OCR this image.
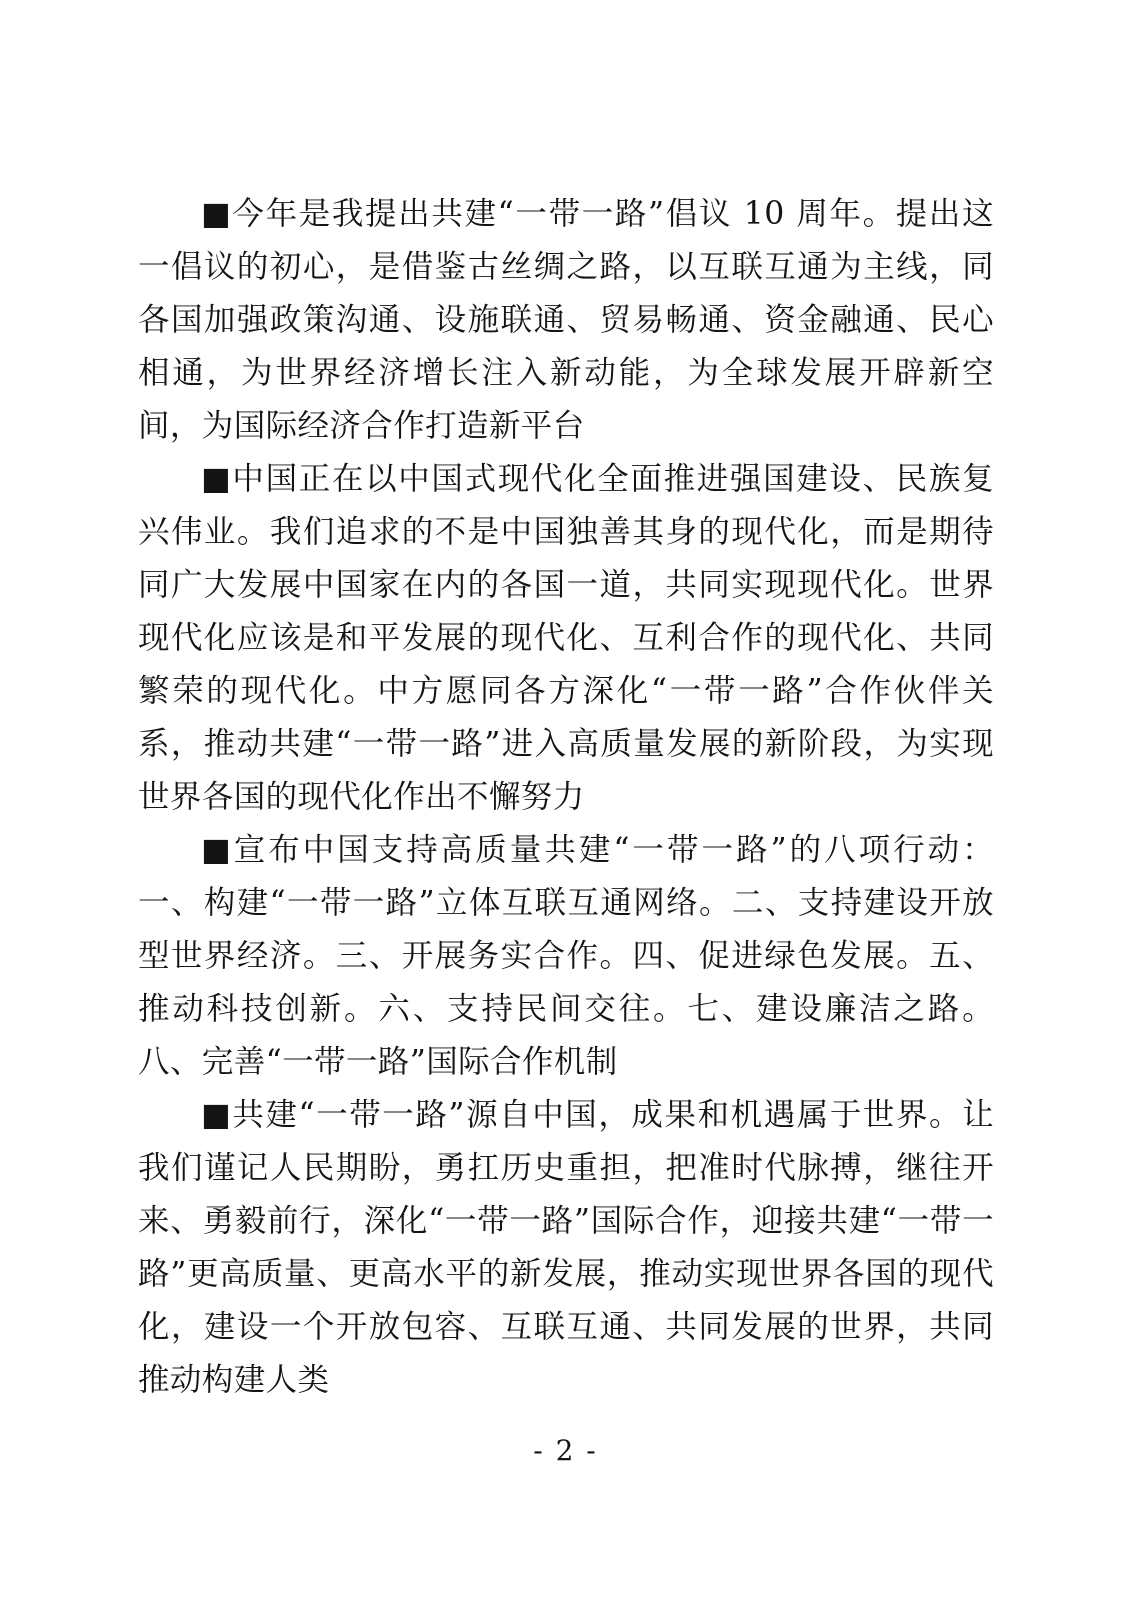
■今年是我提出共建“一带一路”倡议 10 周年。提出这一倡议的初心，是借鉴古丝绸之路，以互联互通为主线，同各国加强政策沟通、设施联通、贸易畅通、资金融通、民心相通，为世界经济增长注入新动能，为全球发展开辟新空间，为国际经济合作打造新平台

■中国正在以中国式现代化全面推进强国建设、民族复兴伟业。我们追求的不是中国独善其身的现代化，而是期待同广大发展中国家在内的各国一道，共同实现现代化。世界现代化应该是和平发展的现代化、互利合作的现代化、共同繁荣的现代化。中方愿同各方深化“一带一路”合作伙伴关系，推动共建“一带一路”进入高质量发展的新阶段，为实现世界各国的现代化作出不懈努力

■宣布中国支持高质量共建“一带一路”的八项行动：一、构建“一带一路”立体互联互通网络。二、支持建设开放型世界经济。三、开展务实合作。四、促进绿色发展。五、推动科技创新。六、支持民间交往。七、建设廉洁之路。八、完善“一带一路”国际合作机制

■共建“一带一路”源自中国，成果和机遇属于世界。让我们谨记人民期盼，勇扛历史重担，把准时代脉搏，继往开来、勇毅前行，深化“一带一路”国际合作，迎接共建“一带一路”更高质量、更高水平的新发展，推动实现世界各国的现代化，建设一个开放包容、互联互通、共同发展的世界，共同推动构建人类

- 2 -
